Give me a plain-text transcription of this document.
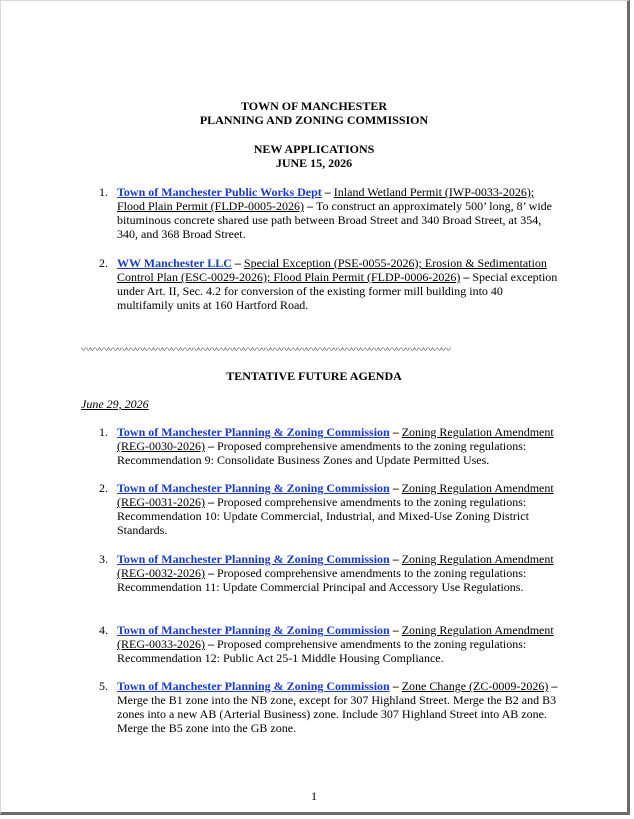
TOWN OF MANCHESTER
PLANNING AND ZONING COMMISSION
NEW APPLICATIONS
JUNE 15, 2026
1. Town of Manchester Public Works Dept – Inland Wetland Permit (IWP-0033-2026); Flood Plain Permit (FLDP-0005-2026) – To construct an approximately 500’ long, 8’ wide bituminous concrete shared use path between Broad Street and 340 Broad Street, at 354, 340, and 368 Broad Street.
2. WW Manchester LLC – Special Exception (PSE-0055-2026); Erosion & Sedimentation Control Plan (ESC-0029-2026); Flood Plain Permit (FLDP-0006-2026) – Special exception under Art. II, Sec. 4.2 for conversion of the existing former mill building into 40 multifamily units at 160 Hartford Road.
〰〰〰〰〰〰〰〰〰〰〰〰〰〰〰〰〰〰〰〰〰〰〰〰〰〰〰〰〰〰〰〰〰〰〰〰〰〰〰〰〰
TENTATIVE FUTURE AGENDA
June 29, 2026
1. Town of Manchester Planning & Zoning Commission – Zoning Regulation Amendment (REG-0030-2026) – Proposed comprehensive amendments to the zoning regulations: Recommendation 9: Consolidate Business Zones and Update Permitted Uses.
2. Town of Manchester Planning & Zoning Commission – Zoning Regulation Amendment (REG-0031-2026) – Proposed comprehensive amendments to the zoning regulations: Recommendation 10: Update Commercial, Industrial, and Mixed-Use Zoning District Standards.
3. Town of Manchester Planning & Zoning Commission – Zoning Regulation Amendment (REG-0032-2026) – Proposed comprehensive amendments to the zoning regulations: Recommendation 11: Update Commercial Principal and Accessory Use Regulations.
4. Town of Manchester Planning & Zoning Commission – Zoning Regulation Amendment (REG-0033-2026) – Proposed comprehensive amendments to the zoning regulations: Recommendation 12: Public Act 25-1 Middle Housing Compliance.
5. Town of Manchester Planning & Zoning Commission – Zone Change (ZC-0009-2026) – Merge the B1 zone into the NB zone, except for 307 Highland Street. Merge the B2 and B3 zones into a new AB (Arterial Business) zone. Include 307 Highland Street into AB zone. Merge the B5 zone into the GB zone.
1
